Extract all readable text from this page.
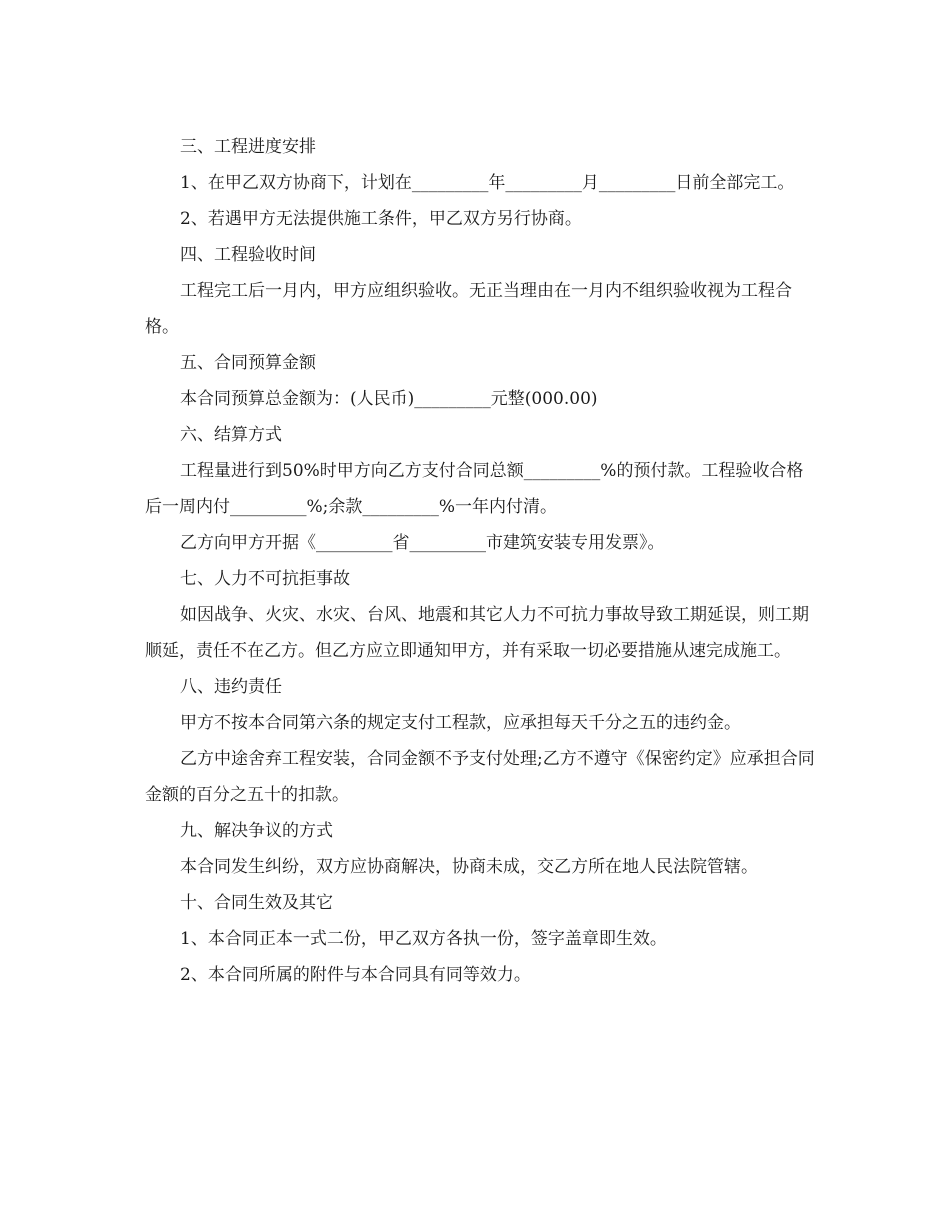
三、工程进度安排

1、在甲乙双方协商下，计划在_________年_________月_________日前全部完工。

2、若遇甲方无法提供施工条件，甲乙双方另行协商。

四、工程验收时间

工程完工后一月内，甲方应组织验收。无正当理由在一月内不组织验收视为工程合格。

五、合同预算金额

本合同预算总金额为：(人民币)_________元整(000.00)

六、结算方式

工程量进行到50%时甲方向乙方支付合同总额_________%的预付款。工程验收合格后一周内付_________%;余款_________%一年内付清。

乙方向甲方开据《_________省_________市建筑安装专用发票》。

七、人力不可抗拒事故

如因战争、火灾、水灾、台风、地震和其它人力不可抗力事故导致工期延误，则工期顺延，责任不在乙方。但乙方应立即通知甲方，并有采取一切必要措施从速完成施工。

八、违约责任

甲方不按本合同第六条的规定支付工程款，应承担每天千分之五的违约金。

乙方中途舍弃工程安装，合同金额不予支付处理;乙方不遵守《保密约定》应承担合同金额的百分之五十的扣款。

九、解决争议的方式

本合同发生纠纷，双方应协商解决，协商未成，交乙方所在地人民法院管辖。

十、合同生效及其它

1、本合同正本一式二份，甲乙双方各执一份，签字盖章即生效。

2、本合同所属的附件与本合同具有同等效力。
